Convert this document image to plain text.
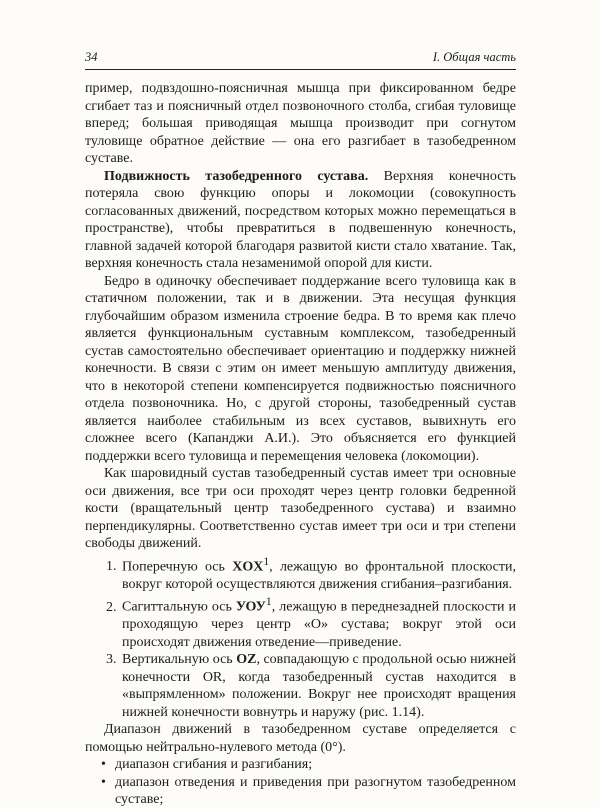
34	I. Общая часть

пример, подвздошно-поясничная мышца при фиксированном бедре сгибает таз и поясничный отдел позвоночного столба, сгибая туловище вперед; большая приводящая мышца производит при согнутом туловище обратное действие — она его разгибает в тазобедренном суставе.

Подвижность тазобедренного сустава. Верхняя конечность потеряла свою функцию опоры и локомоции (совокупность согласованных движений, посредством которых можно перемещаться в пространстве), чтобы превратиться в подвешенную конечность, главной задачей которой благодаря развитой кисти стало хватание. Так, верхняя конечность стала незаменимой опорой для кисти.

Бедро в одиночку обеспечивает поддержание всего туловища как в статичном положении, так и в движении. Эта несущая функция глубочайшим образом изменила строение бедра. В то время как плечо является функциональным суставным комплексом, тазобедренный сустав самостоятельно обеспечивает ориентацию и поддержку нижней конечности. В связи с этим он имеет меньшую амплитуду движения, что в некоторой степени компенсируется подвижностью поясничного отдела позвоночника. Но, с другой стороны, тазобедренный сустав является наиболее стабильным из всех суставов, вывихнуть его сложнее всего (Капанджи А.И.). Это объясняется его функцией поддержки всего туловища и перемещения человека (локомоции).

Как шаровидный сустав тазобедренный сустав имеет три основные оси движения, все три оси проходят через центр головки бедренной кости (вращательный центр тазобедренного сустава) и взаимно перпендикулярны. Соответственно сустав имеет три оси и три степени свободы движений.

1. Поперечную ось XOX$^1$, лежащую во фронтальной плоскости, вокруг которой осуществляются движения сгибания–разгибания.
2. Сагиттальную ось УОУ$^1$, лежащую в переднезадней плоскости и проходящую через центр «О» сустава; вокруг этой оси происходят движения отведение—приведение.
3. Вертикальную ось OZ, совпадающую с продольной осью нижней конечности OR, когда тазобедренный сустав находится в «выпрямленном» положении. Вокруг нее происходят вращения нижней конечности вовнутрь и наружу (рис. 1.14).

Диапазон движений в тазобедренном суставе определяется с помощью нейтрально-нулевого метода (0°).

• диапазон сгибания и разгибания;
• диапазон отведения и приведения при разогнутом тазобедренном суставе;
